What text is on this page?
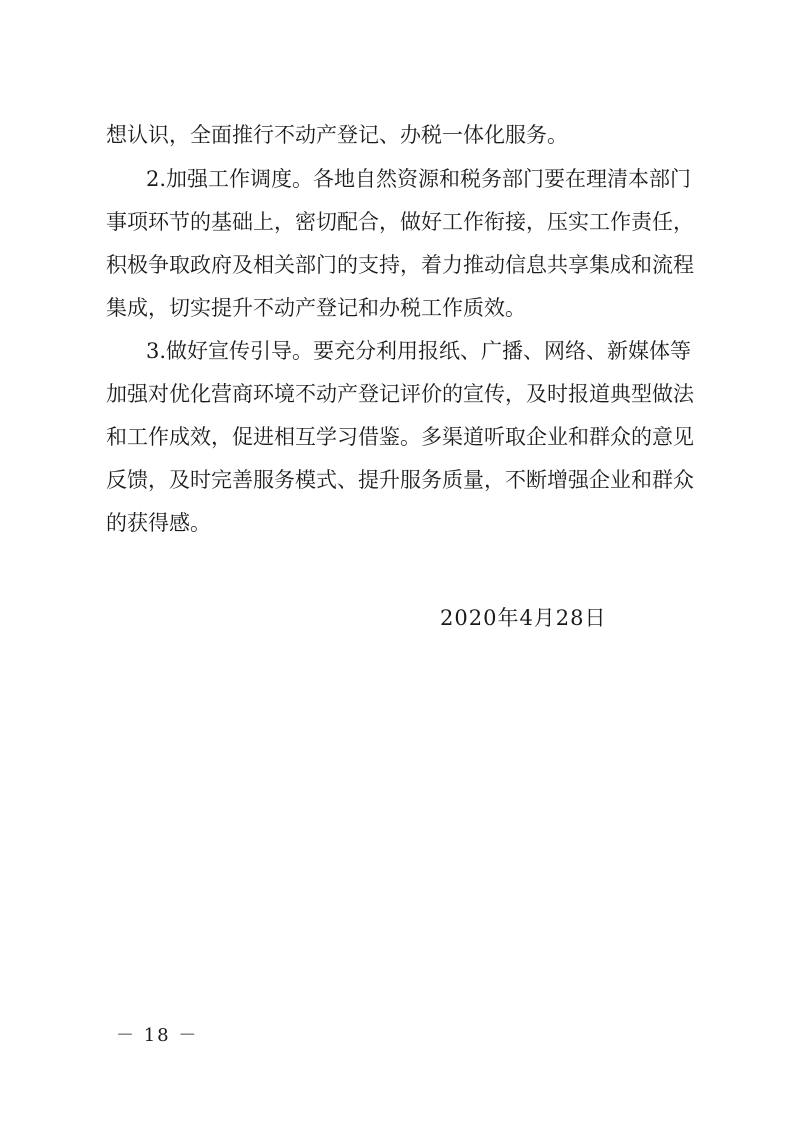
想认识，全面推行不动产登记、办税一体化服务。
2.加强工作调度。各地自然资源和税务部门要在理清本部门
事项环节的基础上，密切配合，做好工作衔接，压实工作责任，
积极争取政府及相关部门的支持，着力推动信息共享集成和流程
集成，切实提升不动产登记和办税工作质效。
3.做好宣传引导。要充分利用报纸、广播、网络、新媒体等
加强对优化营商环境不动产登记评价的宣传，及时报道典型做法
和工作成效，促进相互学习借鉴。多渠道听取企业和群众的意见
反馈，及时完善服务模式、提升服务质量，不断增强企业和群众
的获得感。
2020年4月28日
－ 18 －
